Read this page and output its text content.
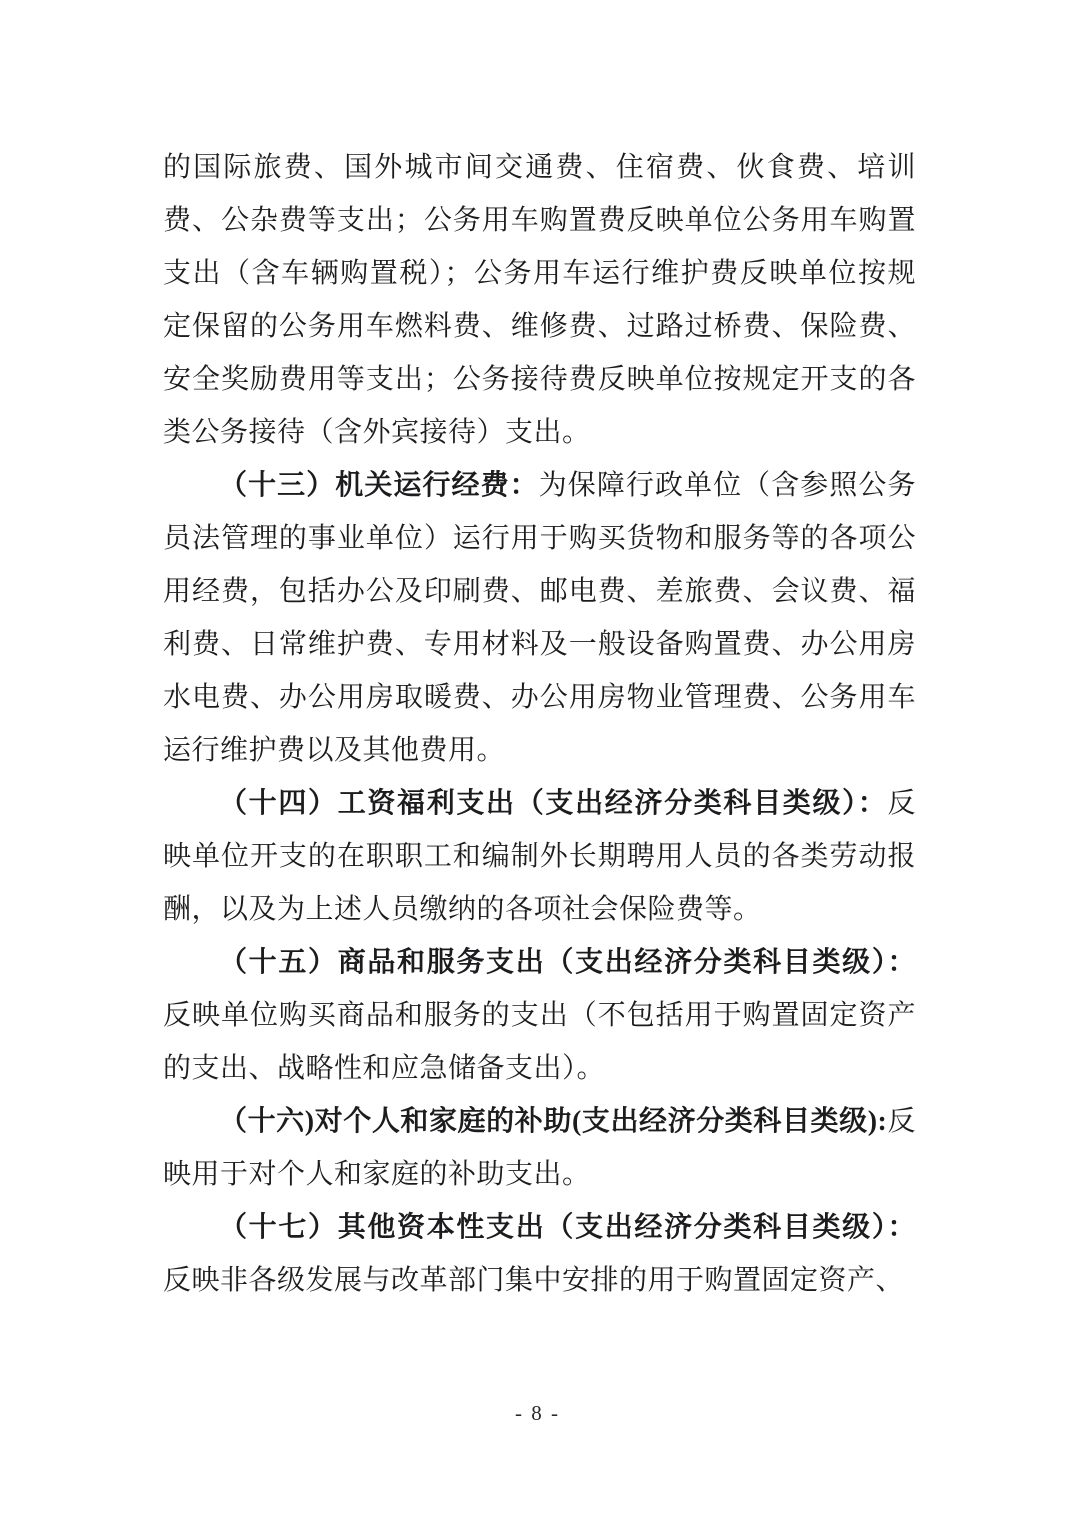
的国际旅费、国外城市间交通费、住宿费、伙食费、培训费、公杂费等支出；公务用车购置费反映单位公务用车购置支出（含车辆购置税）；公务用车运行维护费反映单位按规定保留的公务用车燃料费、维修费、过路过桥费、保险费、安全奖励费用等支出；公务接待费反映单位按规定开支的各类公务接待（含外宾接待）支出。

（十三）机关运行经费：为保障行政单位（含参照公务员法管理的事业单位）运行用于购买货物和服务等的各项公用经费，包括办公及印刷费、邮电费、差旅费、会议费、福利费、日常维护费、专用材料及一般设备购置费、办公用房水电费、办公用房取暖费、办公用房物业管理费、公务用车运行维护费以及其他费用。

（十四）工资福利支出（支出经济分类科目类级）：反映单位开支的在职职工和编制外长期聘用人员的各类劳动报酬，以及为上述人员缴纳的各项社会保险费等。

（十五）商品和服务支出（支出经济分类科目类级）：反映单位购买商品和服务的支出（不包括用于购置固定资产的支出、战略性和应急储备支出）。

（十六)对个人和家庭的补助(支出经济分类科目类级):反映用于对个人和家庭的补助支出。

（十七）其他资本性支出（支出经济分类科目类级）：反映非各级发展与改革部门集中安排的用于购置固定资产、

- 8 -
